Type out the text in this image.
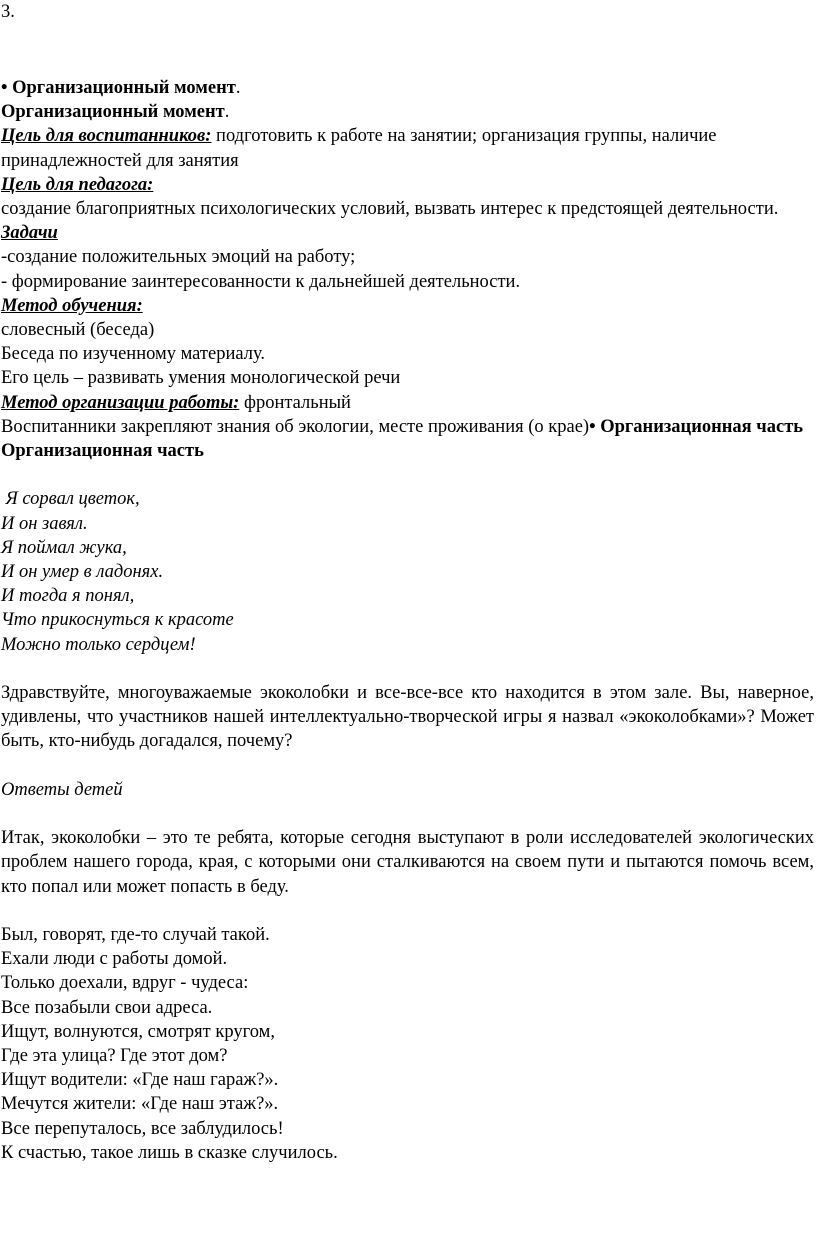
3.

• Организационный момент.

Организационный момент.

Цель для воспитанников: подготовить к работе на занятии; организация группы, наличие принадлежностей для занятия

Цель для педагога:

создание благоприятных психологических условий, вызвать интерес к предстоящей деятельности.

Задачи

-создание положительных эмоций на работу;

- формирование заинтересованности к дальнейшей деятельности.

Метод обучения:

словесный (беседа)

Беседа по изученному материалу.

Его цель – развивать умения монологической речи

Метод организации работы: фронтальный

Воспитанники закрепляют знания об экологии, месте проживания (о крае)• Организационная часть

Организационная часть

Я сорвал цветок,

И он завял.

Я поймал жука,

И он умер в ладонях.

И тогда я понял,

Что прикоснуться к красоте

Можно только сердцем!

Здравствуйте, многоуважаемые экоколобки и все-все-все кто находится в этом зале. Вы, наверное, удивлены, что участников нашей интеллектуально-творческой игры я назвал «экоколобками»? Может быть, кто-нибудь догадался, почему?

Ответы детей

Итак, экоколобки – это те ребята, которые сегодня выступают в роли исследователей экологических проблем нашего города, края, с которыми они сталкиваются на своем пути и пытаются помочь всем, кто попал или может попасть в беду.

Был, говорят, где-то случай такой.

Ехали люди с работы домой.

Только доехали, вдруг - чудеса:

Все позабыли свои адреса.

Ищут, волнуются, смотрят кругом,

Где эта улица? Где этот дом?

Ищут водители: «Где наш гараж?».

Мечутся жители: «Где наш этаж?».

Все перепуталось, все заблудилось!

К счастью, такое лишь в сказке случилось.
